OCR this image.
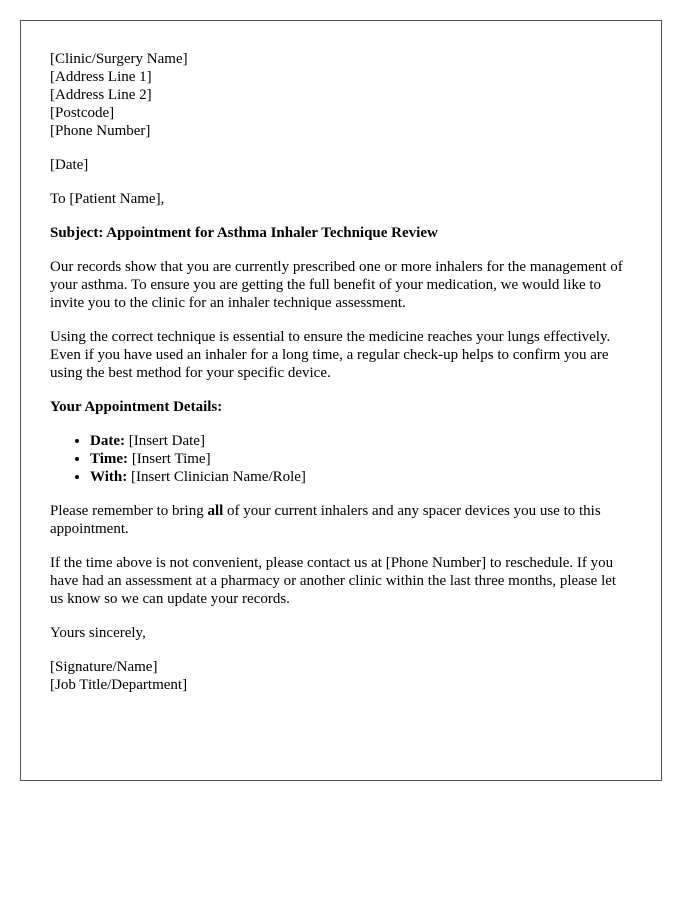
[Clinic/Surgery Name]
[Address Line 1]
[Address Line 2]
[Postcode]
[Phone Number]

[Date]

To [Patient Name],

Subject: Appointment for Asthma Inhaler Technique Review

Our records show that you are currently prescribed one or more inhalers for the management of your asthma. To ensure you are getting the full benefit of your medication, we would like to invite you to the clinic for an inhaler technique assessment.

Using the correct technique is essential to ensure the medicine reaches your lungs effectively. Even if you have used an inhaler for a long time, a regular check-up helps to confirm you are using the best method for your specific device.

Your Appointment Details:

• Date: [Insert Date]
• Time: [Insert Time]
• With: [Insert Clinician Name/Role]

Please remember to bring all of your current inhalers and any spacer devices you use to this appointment.

If the time above is not convenient, please contact us at [Phone Number] to reschedule. If you have had an assessment at a pharmacy or another clinic within the last three months, please let us know so we can update your records.

Yours sincerely,

[Signature/Name]
[Job Title/Department]
